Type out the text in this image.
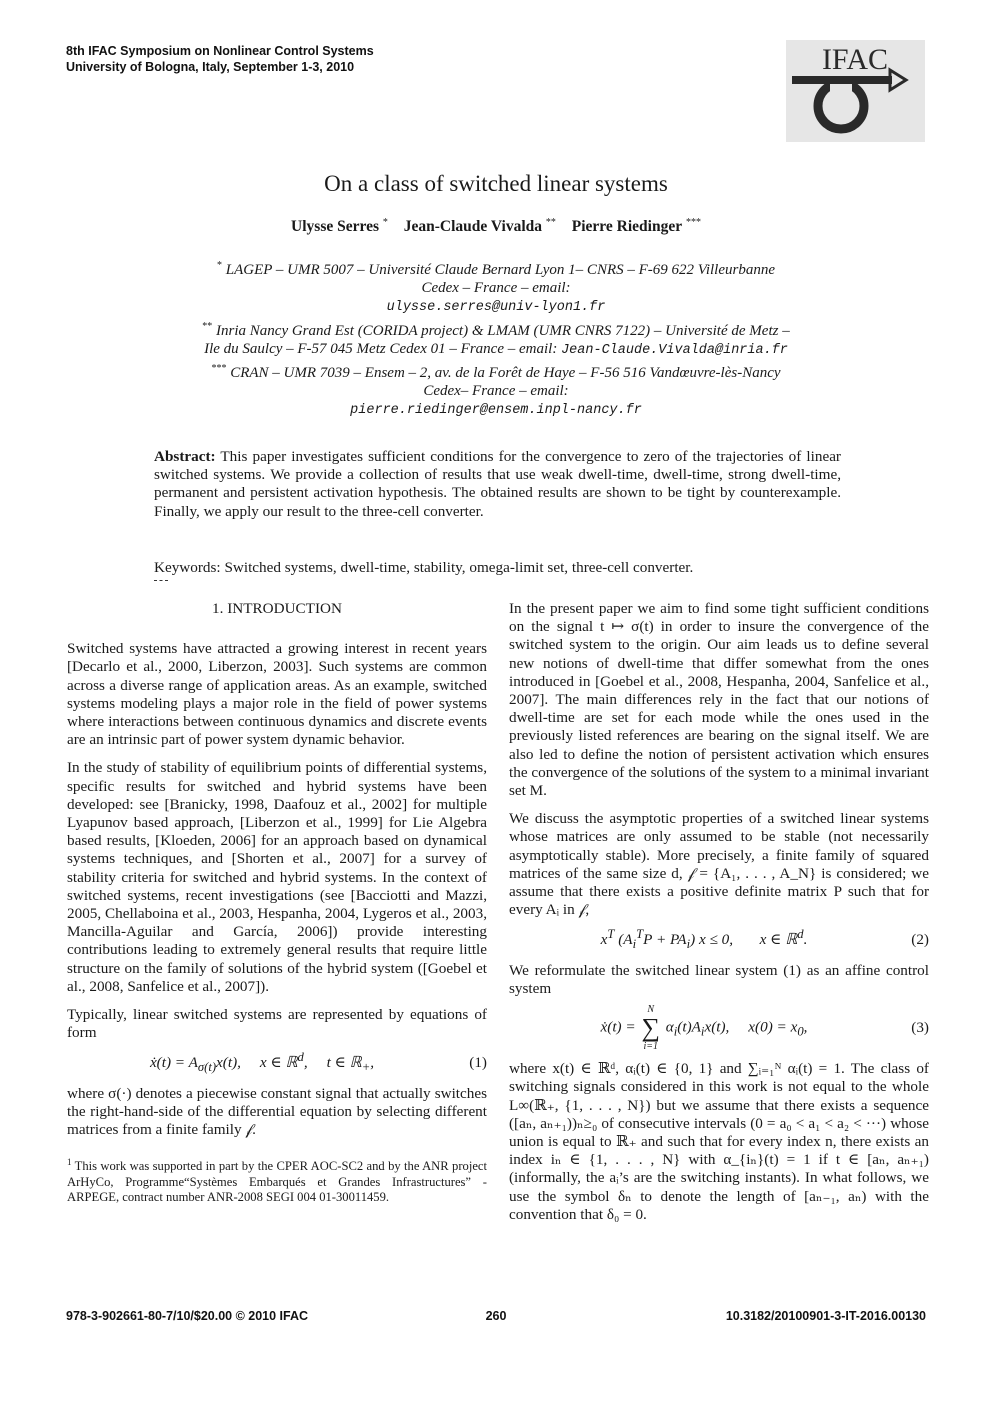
8th IFAC Symposium on Nonlinear Control Systems
University of Bologna, Italy, September 1-3, 2010	IFAC
On a class of switched linear systems
Ulysse Serres * Jean-Claude Vivalda ** Pierre Riedinger ***
* LAGEP – UMR 5007 – Université Claude Bernard Lyon 1– CNRS – F-69 622 Villeurbanne Cedex – France – email:
ulysse.serres@univ-lyon1.fr
** Inria Nancy Grand Est (CORIDA project) & LMAM (UMR CNRS 7122) – Université de Metz – Ile du Saulcy – F-57 045 Metz Cedex 01 – France – email: Jean-Claude.Vivalda@inria.fr
*** CRAN – UMR 7039 – Ensem – 2, av. de la Forêt de Haye – F-56 516 Vandœuvre-lès-Nancy Cedex– France – email:
pierre.riedinger@ensem.inpl-nancy.fr
Abstract: This paper investigates sufficient conditions for the convergence to zero of the trajectories of linear switched systems. We provide a collection of results that use weak dwell-time, dwell-time, strong dwell-time, permanent and persistent activation hypothesis. The obtained results are shown to be tight by counterexample. Finally, we apply our result to the three-cell converter.
Keywords: Switched systems, dwell-time, stability, omega-limit set, three-cell converter.
1. INTRODUCTION

Switched systems have attracted a growing interest in recent years [Decarlo et al., 2000, Liberzon, 2003]. Such systems are common across a diverse range of application areas. As an example, switched systems modeling plays a major role in the field of power systems where interactions between continuous dynamics and discrete events are an intrinsic part of power system dynamic behavior.

In the study of stability of equilibrium points of differential systems, specific results for switched and hybrid systems have been developed: see [Branicky, 1998, Daafouz et al., 2002] for multiple Lyapunov based approach, [Liberzon et al., 1999] for Lie Algebra based results, [Kloeden, 2006] for an approach based on dynamical systems techniques, and [Shorten et al., 2007] for a survey of stability criteria for switched and hybrid systems. In the context of switched systems, recent investigations (see [Bacciotti and Mazzi, 2005, Chellaboina et al., 2003, Hespanha, 2004, Lygeros et al., 2003, Mancilla-Aguilar and García, 2006]) provide interesting contributions leading to extremely general results that require little structure on the family of solutions of the hybrid system ([Goebel et al., 2008, Sanfelice et al., 2007]).

Typically, linear switched systems are represented by equations of form

ẋ(t) = $A_{\sigma(t)}x(t)$,     x ∈ ℝ$^d$,     t ∈ ℝ$_+$,	(1)

where σ(·) denotes a piecewise constant signal that actually switches the right-hand-side of the differential equation by selecting different matrices from a finite family 𝒻.

$^1$ This work was supported in part by the CPER AOC-SC2 and by the ANR project ArHyCo, Programme“Systèmes Embarqués et Grandes Infrastructures” - ARPEGE, contract number ANR-2008 SEGI 004 01-30011459.

In the present paper we aim to find some tight sufficient conditions on the signal t ↦ σ(t) in order to insure the convergence of the switched system to the origin. Our aim leads us to define several new notions of dwell-time that differ somewhat from the ones introduced in [Goebel et al., 2008, Hespanha, 2004, Sanfelice et al., 2007]. The main differences rely in the fact that our notions of dwell-time are set for each mode while the ones used in the previously listed references are bearing on the signal itself. We are also led to define the notion of persistent activation which ensures the convergence of the solutions of the system to a minimal invariant set M.

We discuss the asymptotic properties of a switched linear systems whose matrices are only assumed to be stable (not necessarily asymptotically stable). More precisely, a finite family of squared matrices of the same size d, 𝒻 = {A₁, . . . , A_N} is considered; we assume that there exists a positive definite matrix P such that for every Aᵢ in 𝒻,

$x^T$ $(A_i^TP + PA_i) x \le 0$,       x ∈ ℝ$^d$.	(2)

We reformulate the switched linear system (1) as an affine control system

ẋ(t) =
N
∑
i=1
$\alpha_i(t)A_ix(t)$,     $x(0) = x_0$,	(3)

where x(t) ∈ ℝᵈ, αᵢ(t) ∈ {0, 1} and ∑ᵢ₌₁ᴺ αᵢ(t) = 1. The class of switching signals considered in this work is not equal to the whole L∞(ℝ₊, {1, . . . , N}) but we assume that there exists a sequence ([aₙ, aₙ₊₁))ₙ≥₀ of consecutive intervals (0 = a₀ < a₁ < a₂ < ···) whose union is equal to ℝ₊ and such that for every index n, there exists an index iₙ ∈ {1, . . . , N} with α_{iₙ}(t) = 1 if t ∈ [aₙ, aₙ₊₁) (informally, the aᵢ’s are the switching instants). In what follows, we use the symbol δₙ to denote the length of [aₙ₋₁, aₙ) with the convention that δ₀ = 0.

978-3-902661-80-7/10/$20.00 © 2010 IFAC	260	10.3182/20100901-3-IT-2016.00130
